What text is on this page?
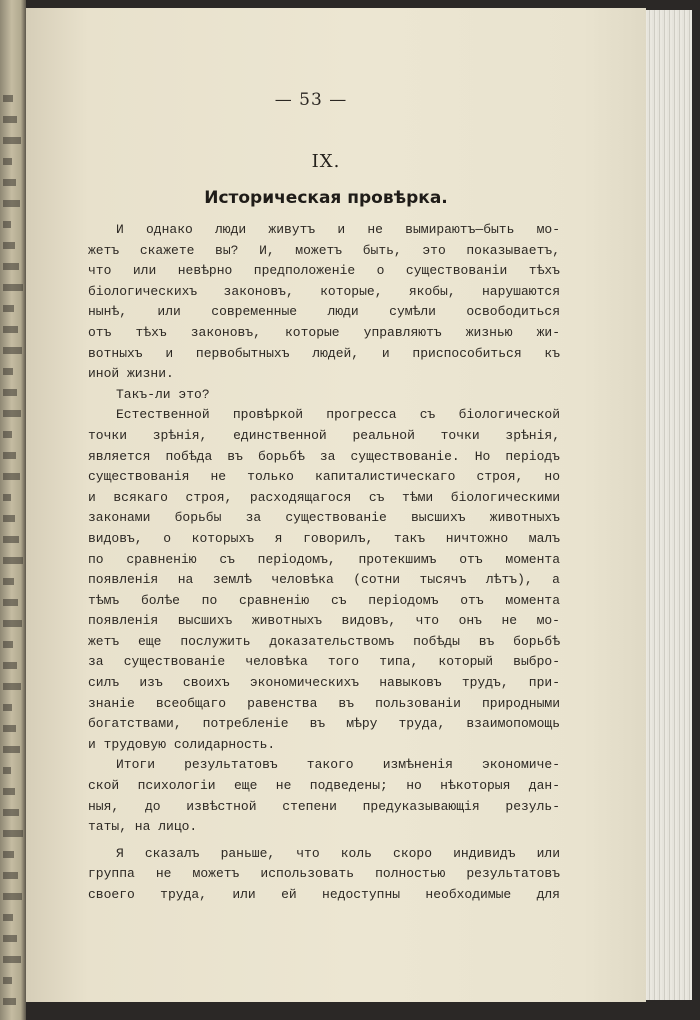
— 53 —
IX.
Историческая провѣрка.
И однако люди живутъ и не вымираютъ—быть мо-
жетъ скажете вы? И, можетъ быть, это показываетъ,
что или невѣрно предположеніе о существованіи тѣхъ
біологическихъ законовъ, которые, якобы, нарушаются
нынѣ, или современные люди сумѣли освободиться
отъ тѣхъ законовъ, которые управляютъ жизнью жи-
вотныхъ и первобытныхъ людей, и приспособиться къ
иной жизни.
Такъ-ли это?
Естественной провѣркой прогресса съ біологической
точки зрѣнія, единственной реальной точки зрѣнія,
является побѣда въ борьбѣ за существованіе. Но періодъ
существованія не только капиталистическаго строя, но
и всякаго строя, расходящагося съ тѣми біологическими
законами борьбы за существованіе высшихъ животныхъ
видовъ, о которыхъ я говорилъ, такъ ничтожно малъ
по сравненію съ періодомъ, протекшимъ отъ момента
появленія на землѣ человѣка (сотни тысячъ лѣтъ), а
тѣмъ болѣе по сравненію съ періодомъ отъ момента
появленія высшихъ животныхъ видовъ, что онъ не мо-
жетъ еще послужить доказательствомъ побѣды въ борьбѣ
за существованіе человѣка того типа, который выбро-
силъ изъ своихъ экономическихъ навыковъ трудъ, при-
знаніе всеобщаго равенства въ пользованіи природными
богатствами, потребленіе въ мѣру труда, взаимопомощь
и трудовую солидарность.
Итоги результатовъ такого измѣненія экономиче-
ской психологіи еще не подведены; но нѣкоторыя дан-
ныя, до извѣстной степени предуказывающія резуль-
таты, на лицо.
Я сказалъ раньше, что коль скоро индивидъ или
группа не можетъ использовать полностью результатовъ
своего труда, или ей недоступны необходимые для
